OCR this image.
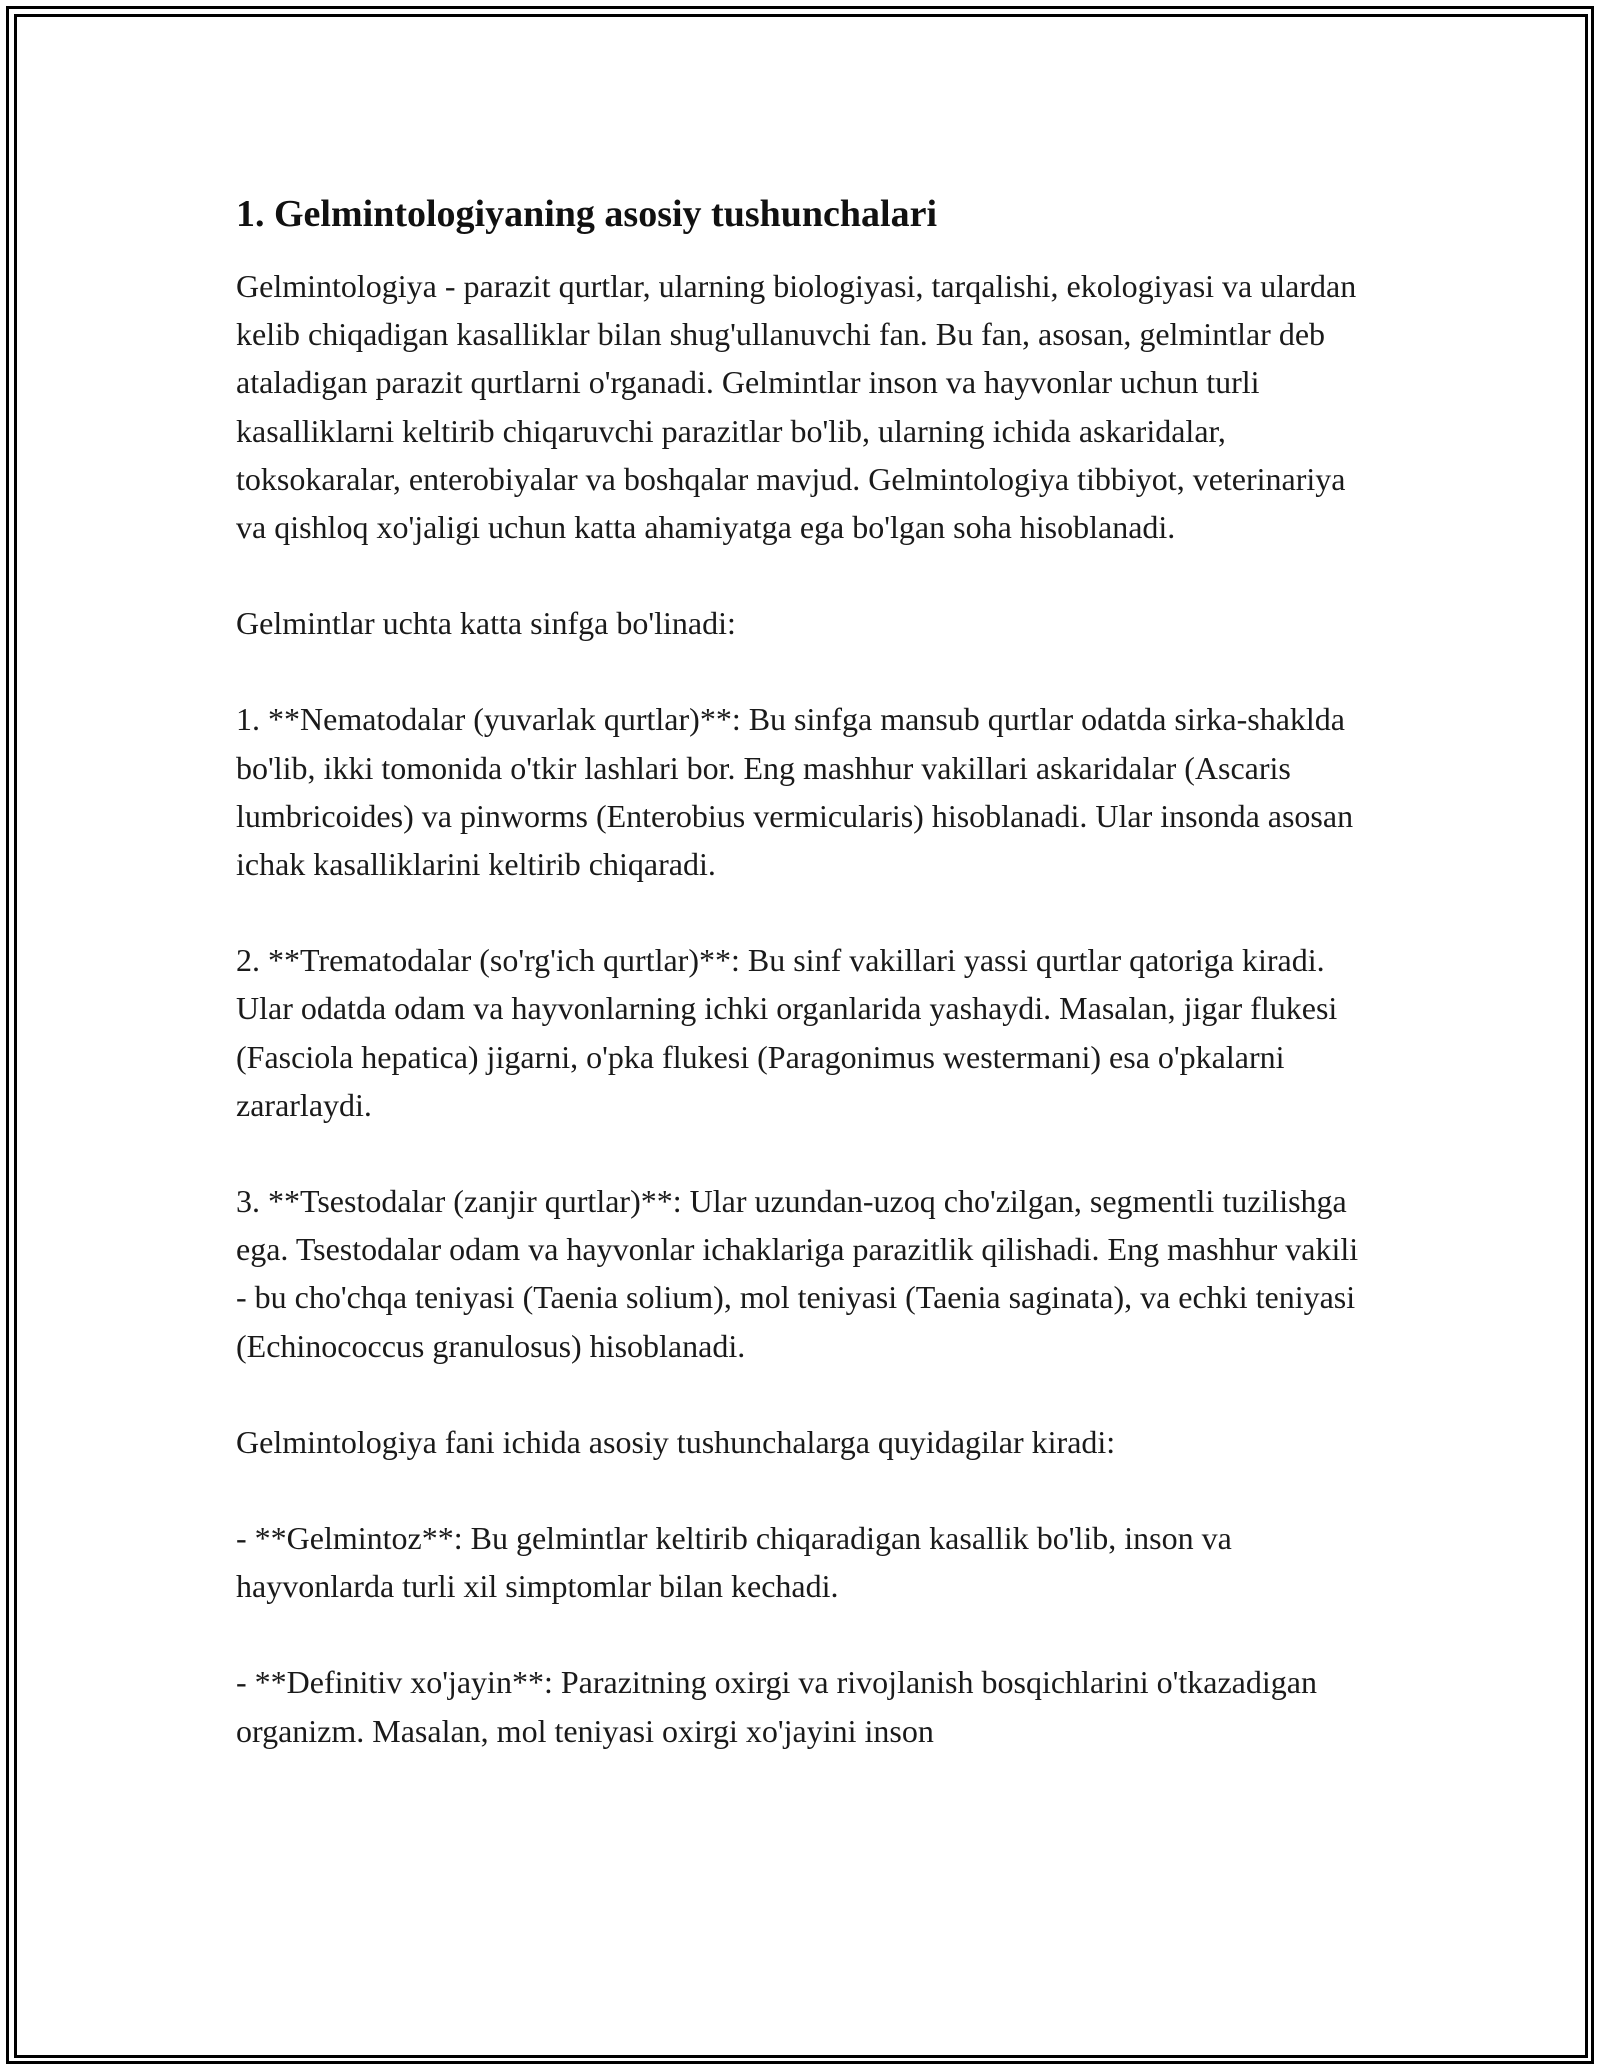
1. Gelmintologiyaning asosiy tushunchalari

Gelmintologiya - parazit qurtlar, ularning biologiyasi, tarqalishi, ekologiyasi va ulardan kelib chiqadigan kasalliklar bilan shug'ullanuvchi fan. Bu fan, asosan, gelmintlar deb ataladigan parazit qurtlarni o'rganadi. Gelmintlar inson va hayvonlar uchun turli kasalliklarni keltirib chiqaruvchi parazitlar bo'lib, ularning ichida askaridalar, toksokaralar, enterobiyalar va boshqalar mavjud. Gelmintologiya tibbiyot, veterinariya va qishloq xo'jaligi uchun katta ahamiyatga ega bo'lgan soha hisoblanadi.

Gelmintlar uchta katta sinfga bo'linadi:

1. **Nematodalar (yuvarlak qurtlar)**: Bu sinfga mansub qurtlar odatda sirka-shaklda bo'lib, ikki tomonida o'tkir lashlari bor. Eng mashhur vakillari askaridalar (Ascaris lumbricoides) va pinworms (Enterobius vermicularis) hisoblanadi. Ular insonda asosan ichak kasalliklarini keltirib chiqaradi.

2. **Trematodalar (so'rg'ich qurtlar)**: Bu sinf vakillari yassi qurtlar qatoriga kiradi. Ular odatda odam va hayvonlarning ichki organlarida yashaydi. Masalan, jigar flukesi (Fasciola hepatica) jigarni, o'pka flukesi (Paragonimus westermani) esa o'pkalarni zararlaydi.

3. **Tsestodalar (zanjir qurtlar)**: Ular uzundan-uzoq cho'zilgan, segmentli tuzilishga ega. Tsestodalar odam va hayvonlar ichaklariga parazitlik qilishadi. Eng mashhur vakili - bu cho'chqa teniyasi (Taenia solium), mol teniyasi (Taenia saginata), va echki teniyasi (Echinococcus granulosus) hisoblanadi.

Gelmintologiya fani ichida asosiy tushunchalarga quyidagilar kiradi:

- **Gelmintoz**: Bu gelmintlar keltirib chiqaradigan kasallik bo'lib, inson va hayvonlarda turli xil simptomlar bilan kechadi.

- **Definitiv xo'jayin**: Parazitning oxirgi va rivojlanish bosqichlarini o'tkazadigan organizm. Masalan, mol teniyasi oxirgi xo'jayini inson
